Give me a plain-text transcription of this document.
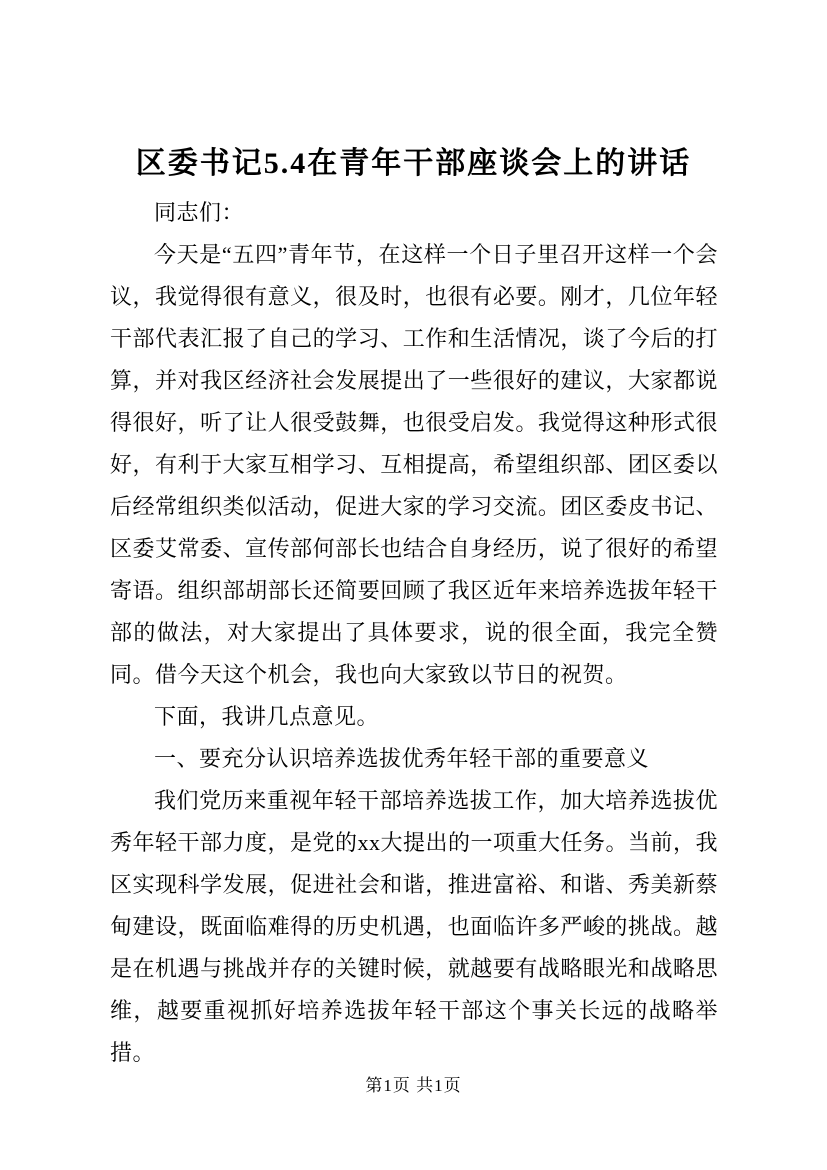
区委书记5.4在青年干部座谈会上的讲话

同志们：

今天是“五四”青年节，在这样一个日子里召开这样一个会议，我觉得很有意义，很及时，也很有必要。刚才，几位年轻干部代表汇报了自己的学习、工作和生活情况，谈了今后的打算，并对我区经济社会发展提出了一些很好的建议，大家都说得很好，听了让人很受鼓舞，也很受启发。我觉得这种形式很好，有利于大家互相学习、互相提高，希望组织部、团区委以后经常组织类似活动，促进大家的学习交流。团区委皮书记、区委艾常委、宣传部何部长也结合自身经历，说了很好的希望寄语。组织部胡部长还简要回顾了我区近年来培养选拔年轻干部的做法，对大家提出了具体要求，说的很全面，我完全赞同。借今天这个机会，我也向大家致以节日的祝贺。

下面，我讲几点意见。

一、要充分认识培养选拔优秀年轻干部的重要意义

我们党历来重视年轻干部培养选拔工作，加大培养选拔优秀年轻干部力度，是党的xx大提出的一项重大任务。当前，我区实现科学发展，促进社会和谐，推进富裕、和谐、秀美新蔡甸建设，既面临难得的历史机遇，也面临许多严峻的挑战。越是在机遇与挑战并存的关键时候，就越要有战略眼光和战略思维，越要重视抓好培养选拔年轻干部这个事关长远的战略举措。

第1页 共1页
